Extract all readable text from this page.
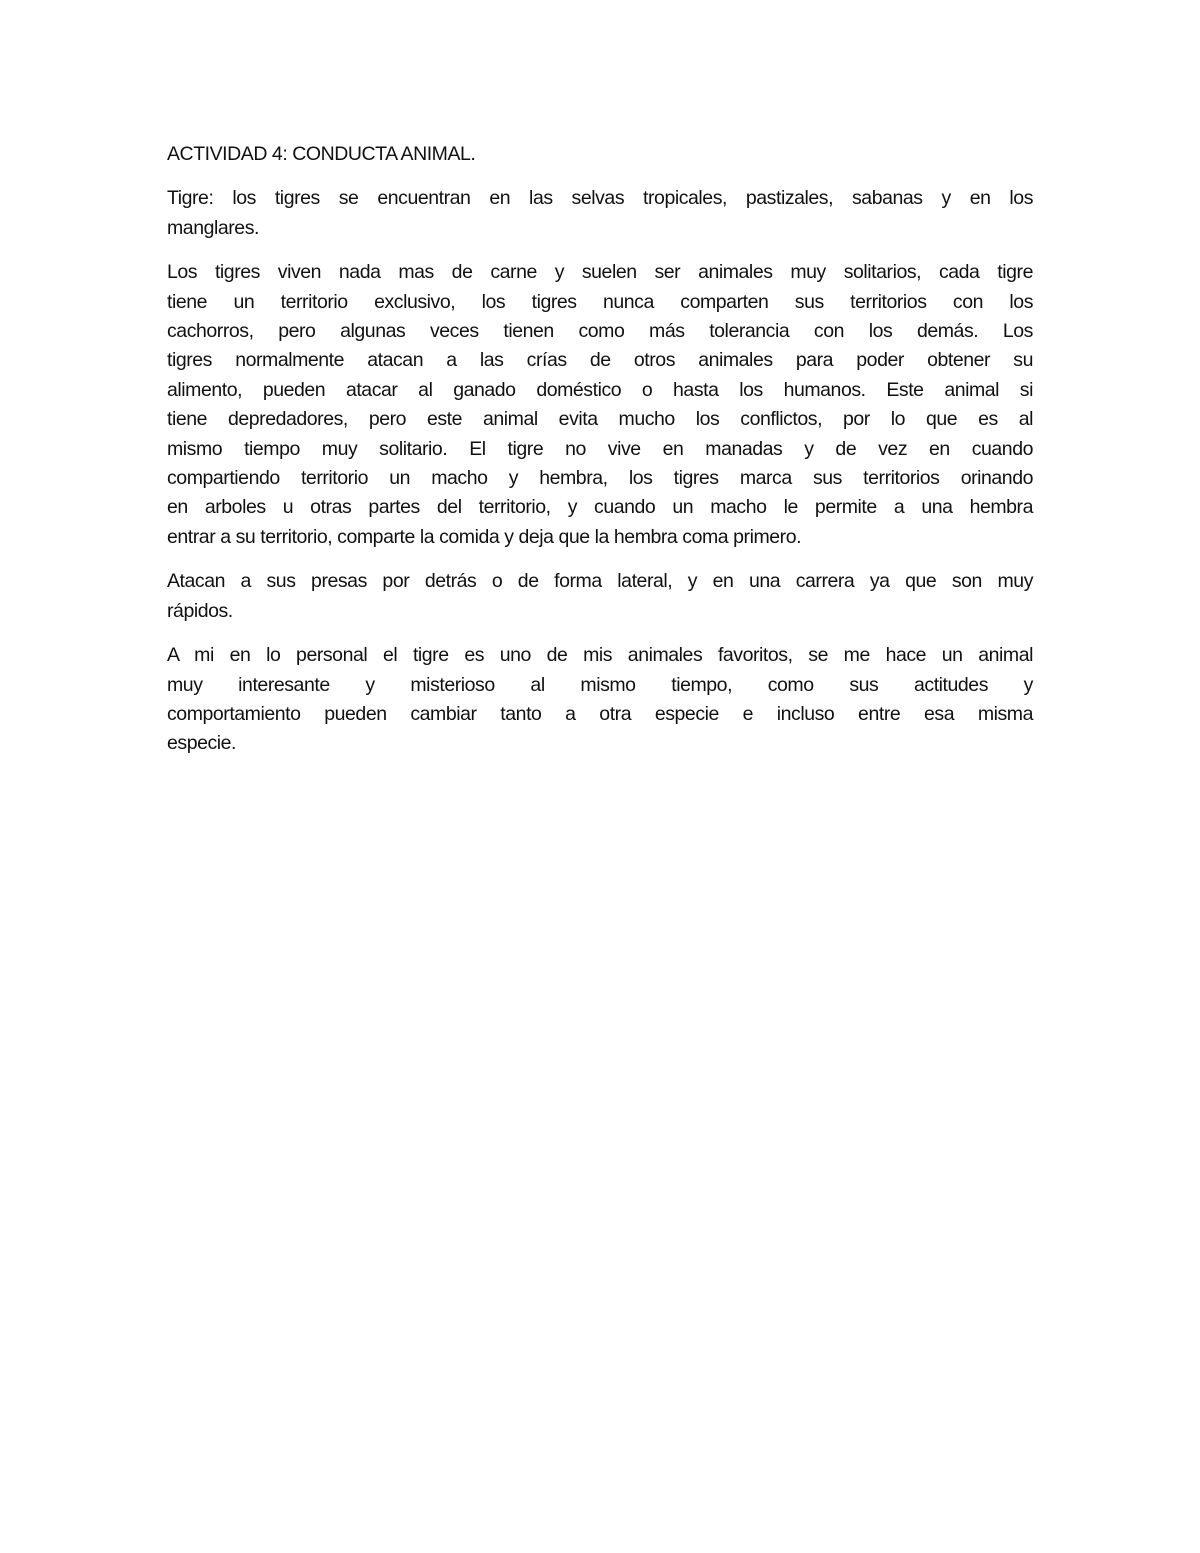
ACTIVIDAD 4: CONDUCTA ANIMAL.
Tigre: los tigres se encuentran en las selvas tropicales, pastizales, sabanas y en los
manglares.
Los tigres viven nada mas de carne y suelen ser animales muy solitarios, cada tigre
tiene un territorio exclusivo, los tigres nunca comparten sus territorios con los
cachorros, pero algunas veces tienen como más tolerancia con los demás. Los
tigres normalmente atacan a las crías de otros animales para poder obtener su
alimento, pueden atacar al ganado doméstico o hasta los humanos. Este animal si
tiene depredadores, pero este animal evita mucho los conflictos, por lo que es al
mismo tiempo muy solitario. El tigre no vive en manadas y de vez en cuando
compartiendo territorio un macho y hembra, los tigres marca sus territorios orinando
en arboles u otras partes del territorio, y cuando un macho le permite a una hembra
entrar a su territorio, comparte la comida y deja que la hembra coma primero.
Atacan a sus presas por detrás o de forma lateral, y en una carrera ya que son muy
rápidos.
A mi en lo personal el tigre es uno de mis animales favoritos, se me hace un animal
muy interesante y misterioso al mismo tiempo, como sus actitudes y
comportamiento pueden cambiar tanto a otra especie e incluso entre esa misma
especie.
